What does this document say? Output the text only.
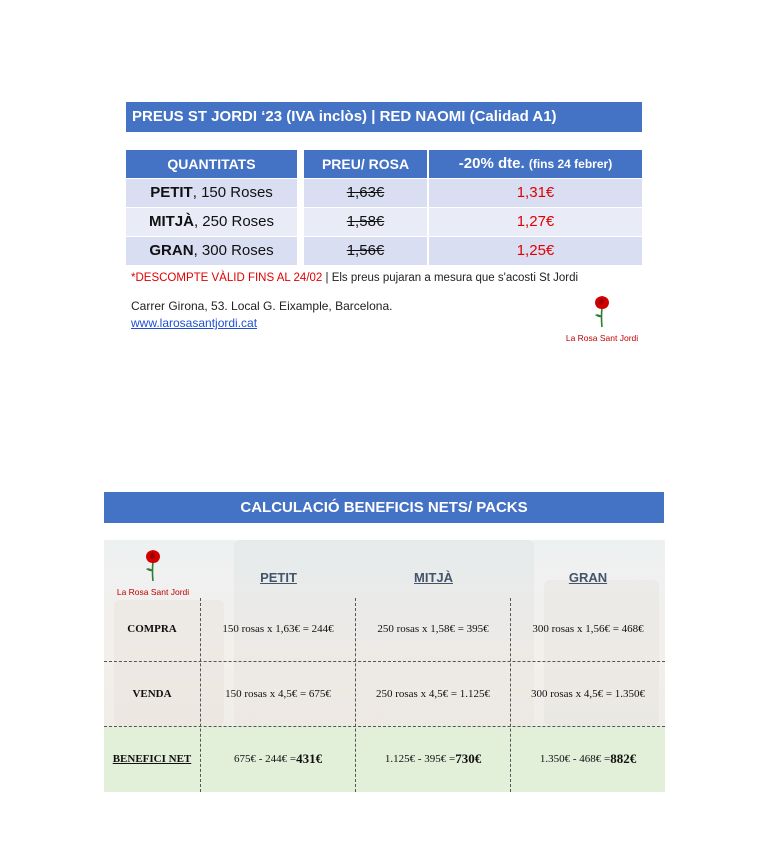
PREUS ST JORDI ‘23 (IVA inclòs) | RED NAOMI (Calidad A1)
QUANTITATS	PREU/ ROSA	-20% dte. (fins 24 febrer)
PETIT, 150 Roses	1,63€	1,31€
MITJÀ, 250 Roses	1,58€	1,27€
GRAN, 300 Roses	1,56€	1,25€
*DESCOMPTE VÀLID FINS AL 24/02 | Els preus pujaran a mesura que s'acosti St Jordi
Carrer Girona, 53. Local G. Eixample, Barcelona.
www.larosasantjordi.cat
La Rosa Sant Jordi
CALCULACIÓ BENEFICIS NETS/ PACKS
La Rosa Sant Jordi
PETIT	MITJÀ	GRAN
COMPRA	150 rosas x 1,63€ = 244€	250 rosas x 1,58€ = 395€	300 rosas x 1,56€ = 468€
VENDA	150 rosas x 4,5€ = 675€	250 rosas x 4,5€ = 1.125€	300 rosas x 4,5€ = 1.350€
BENEFICI NET	675€ - 244€ = 431€	1.125€ - 395€ = 730€	1.350€ - 468€ = 882€
